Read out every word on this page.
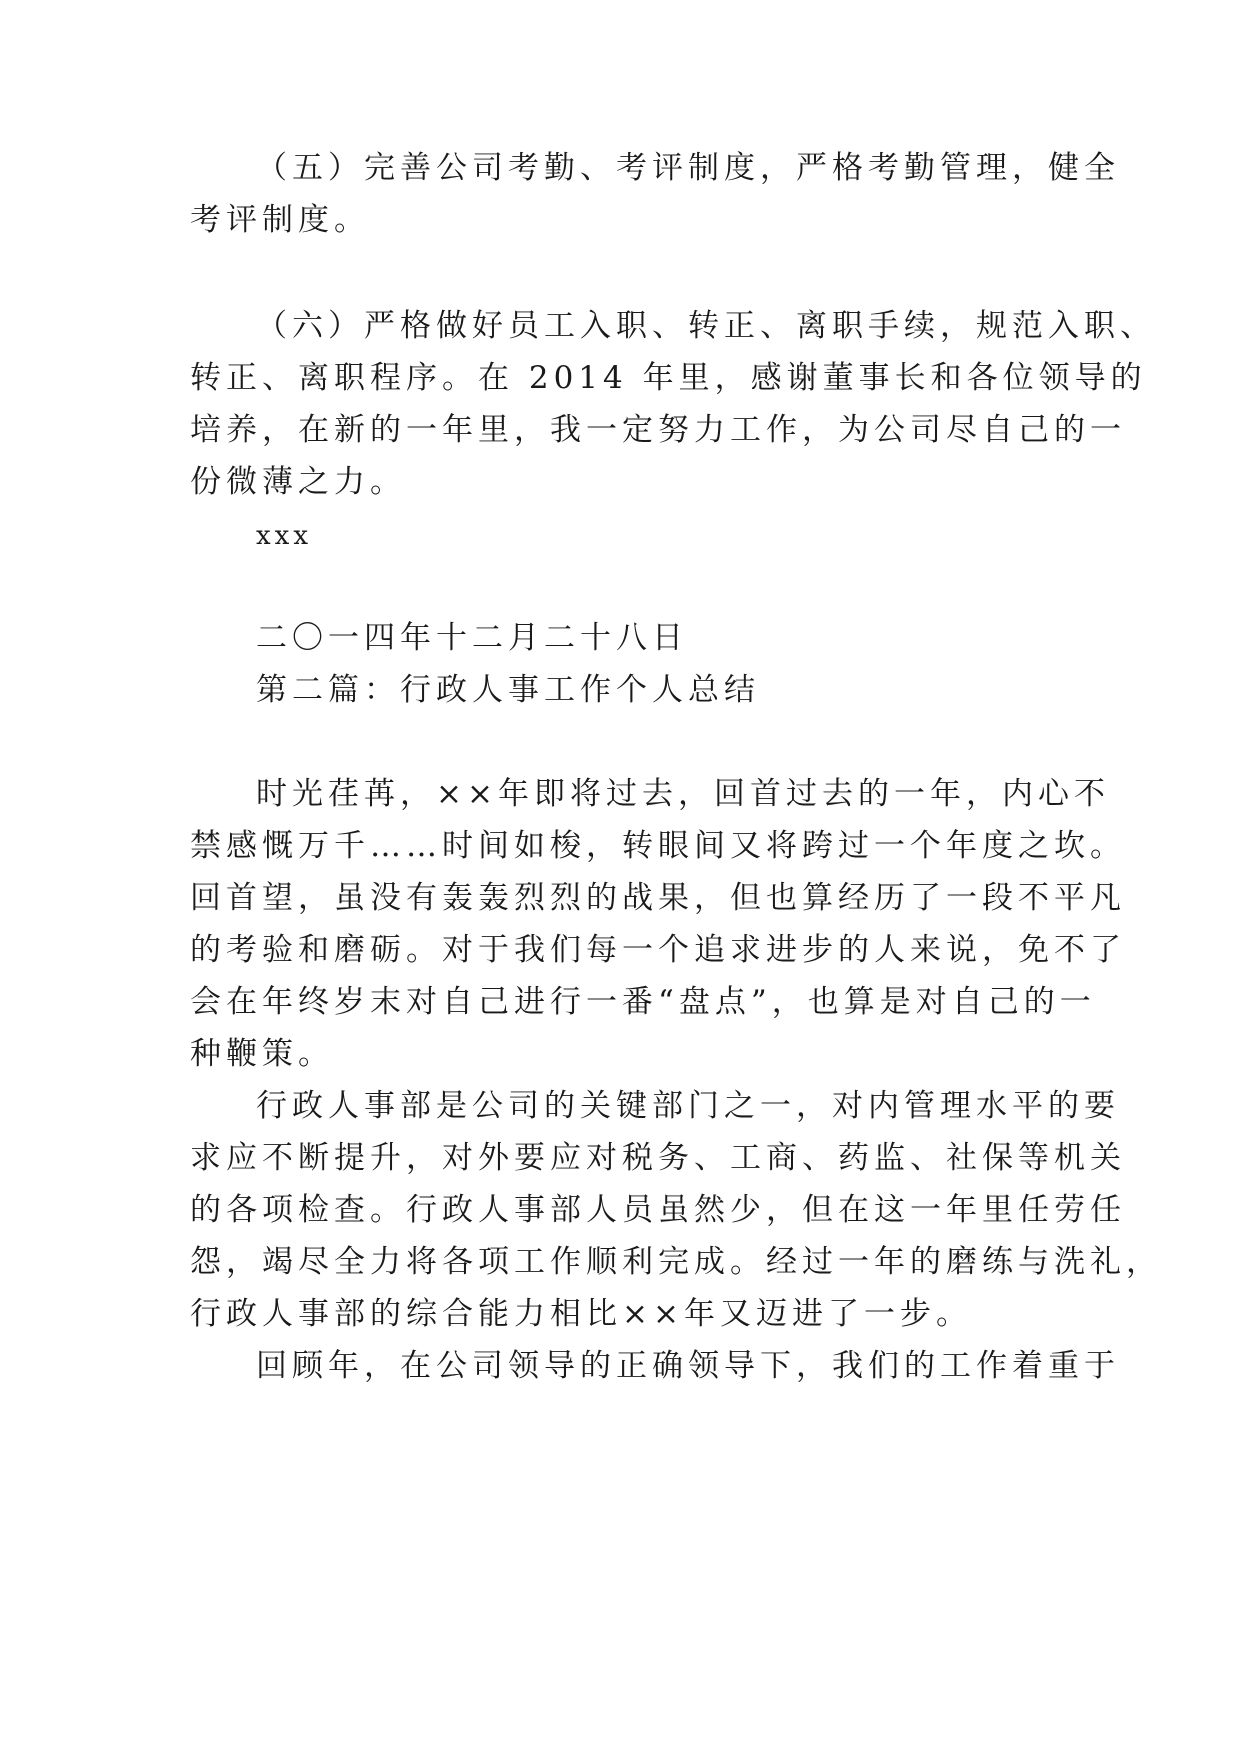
（五）完善公司考勤、考评制度，严格考勤管理，健全
考评制度。
（六）严格做好员工入职、转正、离职手续，规范入职、
转正、离职程序。在 2014 年里，感谢董事长和各位领导的
培养，在新的一年里，我一定努力工作，为公司尽自己的一
份微薄之力。
xxx
二〇一四年十二月二十八日
第二篇：行政人事工作个人总结
时光荏苒，××年即将过去，回首过去的一年，内心不
禁感慨万千……时间如梭，转眼间又将跨过一个年度之坎。
回首望，虽没有轰轰烈烈的战果，但也算经历了一段不平凡
的考验和磨砺。对于我们每一个追求进步的人来说，免不了
会在年终岁末对自己进行一番“盘点”，也算是对自己的一
种鞭策。
行政人事部是公司的关键部门之一，对内管理水平的要
求应不断提升，对外要应对税务、工商、药监、社保等机关
的各项检查。行政人事部人员虽然少，但在这一年里任劳任
怨，竭尽全力将各项工作顺利完成。经过一年的磨练与洗礼，
行政人事部的综合能力相比××年又迈进了一步。
回顾年，在公司领导的正确领导下，我们的工作着重于
